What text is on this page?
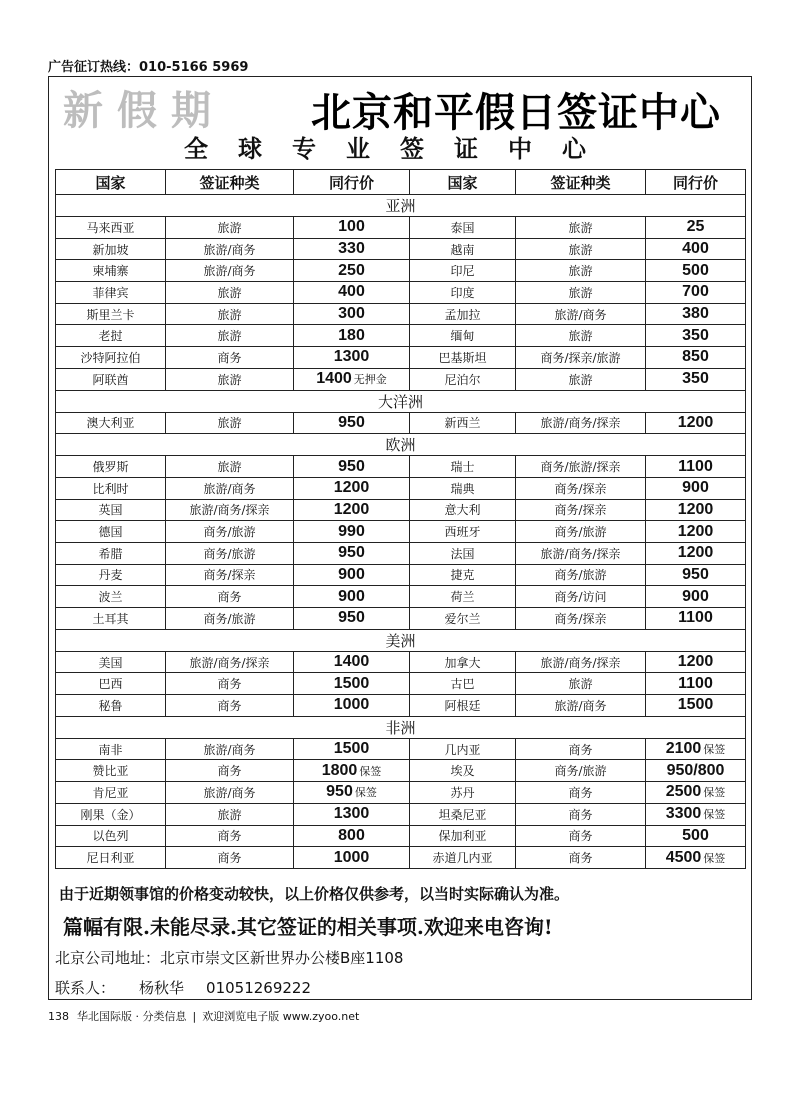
广告征订热线：010-5166 5969
新假期 北京和平假日签证中心
全球专业签证中心
国家	签证种类	同行价	国家	签证种类	同行价
亚洲					
马来西亚	旅游	100	泰国	旅游	25
新加坡	旅游/商务	330	越南	旅游	400
柬埔寨	旅游/商务	250	印尼	旅游	500
菲律宾	旅游	400	印度	旅游	700
斯里兰卡	旅游	300	孟加拉	旅游/商务	380
老挝	旅游	180	缅甸	旅游	350
沙特阿拉伯	商务	1300	巴基斯坦	商务/探亲/旅游	850
阿联酋	旅游	1400 无押金	尼泊尔	旅游	350
大洋洲					
澳大利亚	旅游	950	新西兰	旅游/商务/探亲	1200
欧洲					
俄罗斯	旅游	950	瑞士	商务/旅游/探亲	1100
比利时	旅游/商务	1200	瑞典	商务/探亲	900
英国	旅游/商务/探亲	1200	意大利	商务/探亲	1200
德国	商务/旅游	990	西班牙	商务/旅游	1200
希腊	商务/旅游	950	法国	旅游/商务/探亲	1200
丹麦	商务/探亲	900	捷克	商务/旅游	950
波兰	商务	900	荷兰	商务/访问	900
土耳其	商务/旅游	950	爱尔兰	商务/探亲	1100
美洲					
美国	旅游/商务/探亲	1400	加拿大	旅游/商务/探亲	1200
巴西	商务	1500	古巴	旅游	1100
秘鲁	商务	1000	阿根廷	旅游/商务	1500
非洲					
南非	旅游/商务	1500	几内亚	商务	2100 保签
赞比亚	商务	1800 保签	埃及	商务/旅游	950/800
肯尼亚	旅游/商务	950 保签	苏丹	商务	2500 保签
刚果（金）	旅游	1300	坦桑尼亚	商务	3300 保签
以色列	商务	800	保加利亚	商务	500
尼日利亚	商务	1000	赤道几内亚	商务	4500 保签
由于近期领事馆的价格变动较快，以上价格仅供参考，以当时实际确认为准。
篇幅有限.未能尽录.其它签证的相关事项.欢迎来电咨询!
北京公司地址：北京市崇文区新世界办公楼B座1108
联系人： 杨秋华 01051269222
138 华北国际版 · 分类信息 | 欢迎浏览电子版 www.zyoo.net
